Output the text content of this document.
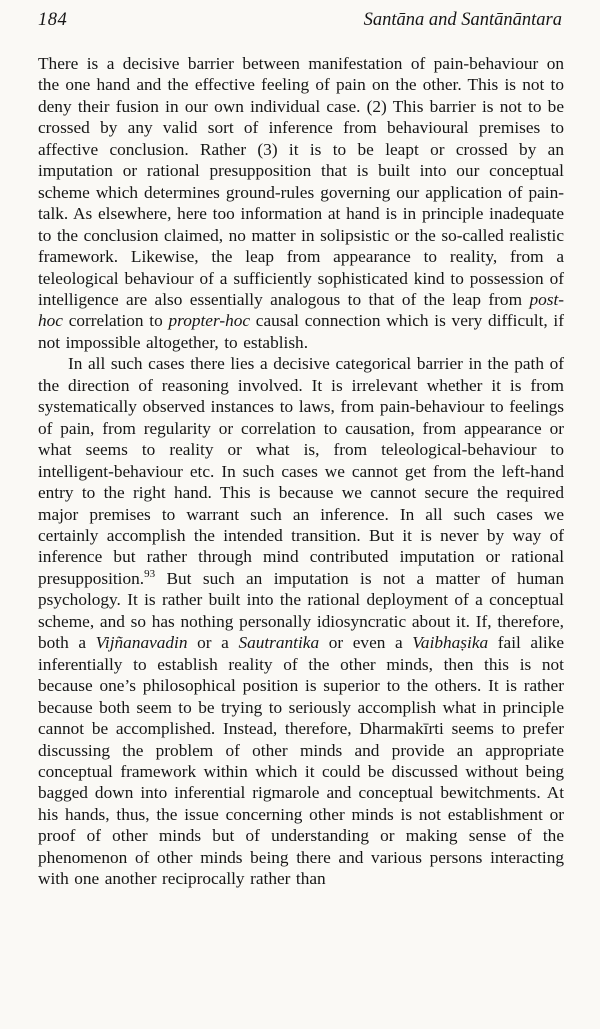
184	Santāna and Santānāntara

There is a decisive barrier between manifestation of pain-behaviour on the one hand and the effective feeling of pain on the other. This is not to deny their fusion in our own individual case. (2) This barrier is not to be crossed by any valid sort of inference from behavioural premises to affective conclusion. Rather (3) it is to be leapt or crossed by an imputation or rational presupposition that is built into our conceptual scheme which determines ground-rules governing our application of pain-talk. As elsewhere, here too information at hand is in principle inadequate to the conclusion claimed, no matter in solipsistic or the so-called realistic framework. Likewise, the leap from appearance to reality, from a teleological behaviour of a sufficiently sophisticated kind to possession of intelligence are also essentially analogous to that of the leap from post-hoc correlation to propter-hoc causal connection which is very difficult, if not impossible altogether, to establish.

In all such cases there lies a decisive categorical barrier in the path of the direction of reasoning involved. It is irrelevant whether it is from systematically observed instances to laws, from pain-behaviour to feelings of pain, from regularity or correlation to causation, from appearance or what seems to reality or what is, from teleological-behaviour to intelligent-behaviour etc. In such cases we cannot get from the left-hand entry to the right hand. This is because we cannot secure the required major premises to warrant such an inference. In all such cases we certainly accomplish the intended transition. But it is never by way of inference but rather through mind contributed imputation or rational presupposition.$^{93}$ But such an imputation is not a matter of human psychology. It is rather built into the rational deployment of a conceptual scheme, and so has nothing personally idiosyncratic about it. If, therefore, both a Vijñanavadin or a Sautrantika or even a Vaibhaṣika fail alike inferentially to establish reality of the other minds, then this is not because one’s philosophical position is superior to the others. It is rather because both seem to be trying to seriously accomplish what in principle cannot be accomplished. Instead, therefore, Dharmakīrti seems to prefer discussing the problem of other minds and provide an appropriate conceptual framework within which it could be discussed without being bagged down into inferential rigmarole and conceptual bewitchments. At his hands, thus, the issue concerning other minds is not establishment or proof of other minds but of understanding or making sense of the phenomenon of other minds being there and various persons interacting with one another reciprocally rather than
